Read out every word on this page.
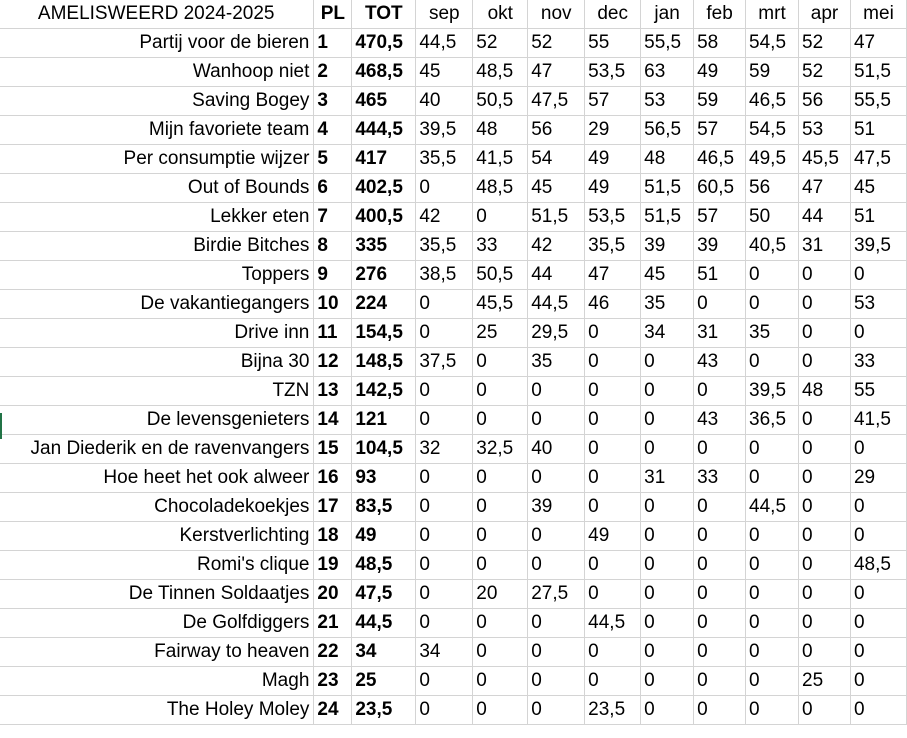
AMELISWEERD 2024-2025	PL	TOT	sep	okt	nov	dec	jan	feb	mrt	apr	mei
Partij voor de bieren	1	470,5	44,5	52	52	55	55,5	58	54,5	52	47
Wanhoop niet	2	468,5	45	48,5	47	53,5	63	49	59	52	51,5
Saving Bogey	3	465	40	50,5	47,5	57	53	59	46,5	56	55,5
Mijn favoriete team	4	444,5	39,5	48	56	29	56,5	57	54,5	53	51
Per consumptie wijzer	5	417	35,5	41,5	54	49	48	46,5	49,5	45,5	47,5
Out of Bounds	6	402,5	0	48,5	45	49	51,5	60,5	56	47	45
Lekker eten	7	400,5	42	0	51,5	53,5	51,5	57	50	44	51
Birdie Bitches	8	335	35,5	33	42	35,5	39	39	40,5	31	39,5
Toppers	9	276	38,5	50,5	44	47	45	51	0	0	0
De vakantiegangers	10	224	0	45,5	44,5	46	35	0	0	0	53
Drive inn	11	154,5	0	25	29,5	0	34	31	35	0	0
Bijna 30	12	148,5	37,5	0	35	0	0	43	0	0	33
TZN	13	142,5	0	0	0	0	0	0	39,5	48	55
De levensgenieters	14	121	0	0	0	0	0	43	36,5	0	41,5
Jan Diederik en de ravenvangers	15	104,5	32	32,5	40	0	0	0	0	0	0
Hoe heet het ook alweer	16	93	0	0	0	0	31	33	0	0	29
Chocoladekoekjes	17	83,5	0	0	39	0	0	0	44,5	0	0
Kerstverlichting	18	49	0	0	0	49	0	0	0	0	0
Romi's clique	19	48,5	0	0	0	0	0	0	0	0	48,5
De Tinnen Soldaatjes	20	47,5	0	20	27,5	0	0	0	0	0	0
De Golfdiggers	21	44,5	0	0	0	44,5	0	0	0	0	0
Fairway to heaven	22	34	34	0	0	0	0	0	0	0	0
Magh	23	25	0	0	0	0	0	0	0	25	0
The Holey Moley	24	23,5	0	0	0	23,5	0	0	0	0	0
